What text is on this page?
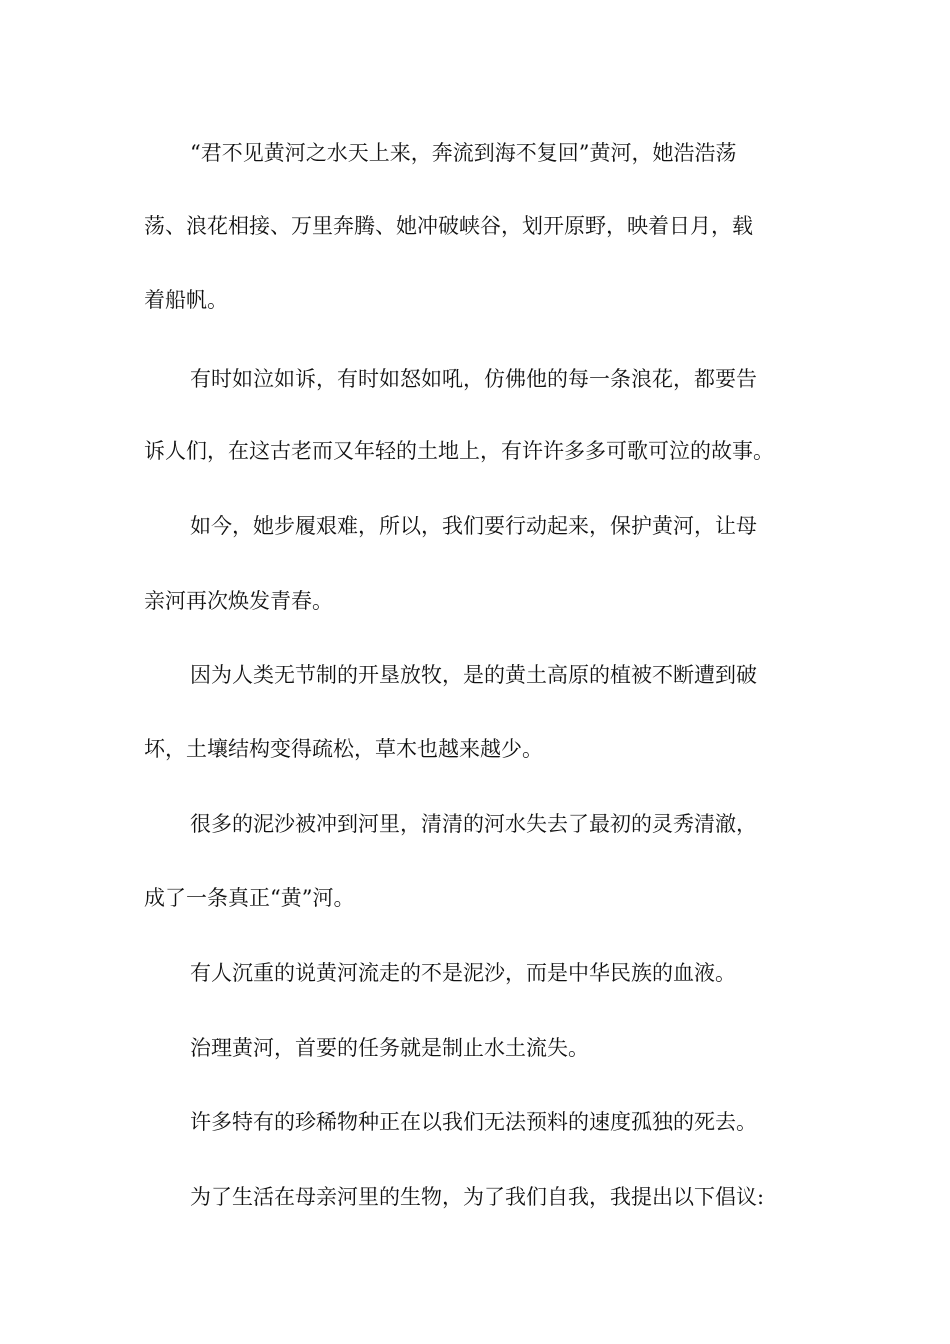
“君不见黄河之水天上来，奔流到海不复回”黄河，她浩浩荡

荡、浪花相接、万里奔腾、她冲破峡谷，划开原野，映着日月，载

着船帆。

有时如泣如诉，有时如怒如吼，仿佛他的每一条浪花，都要告

诉人们，在这古老而又年轻的土地上，有许许多多可歌可泣的故事。

如今，她步履艰难，所以，我们要行动起来，保护黄河，让母

亲河再次焕发青春。

因为人类无节制的开垦放牧，是的黄土高原的植被不断遭到破

坏，土壤结构变得疏松，草木也越来越少。

很多的泥沙被冲到河里，清清的河水失去了最初的灵秀清澈，

成了一条真正“黄”河。

有人沉重的说黄河流走的不是泥沙，而是中华民族的血液。

治理黄河，首要的任务就是制止水土流失。

许多特有的珍稀物种正在以我们无法预料的速度孤独的死去。

为了生活在母亲河里的生物，为了我们自我，我提出以下倡议:
